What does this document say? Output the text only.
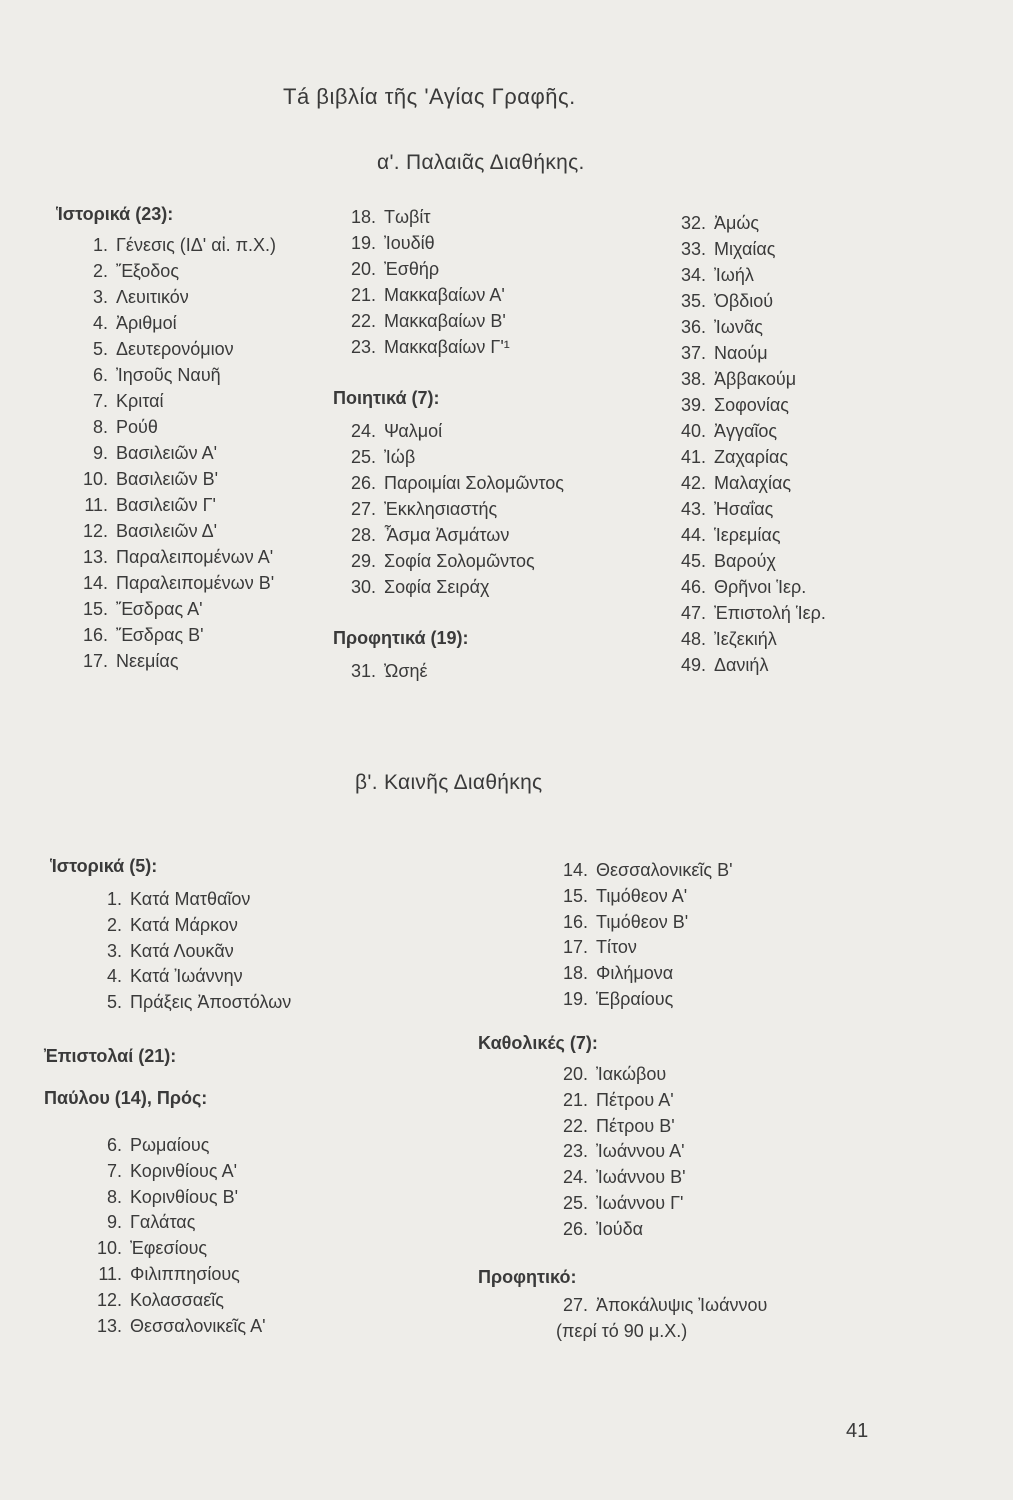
Tá βιβλία τῆς 'Αγίας Γραφῆς.
α'. Παλαιᾶς Διαθήκης.
Ἱστορικά (23):
1. Γένεσις (ΙΔ' αἰ. π.Χ.)
2. Ἔξοδος
3. Λευιτικόν
4. Ἀριθμοί
5. Δευτερονόμιον
6. Ἰησοῦς Ναυῆ
7. Κριταί
8. Ρούθ
9. Βασιλειῶν Α'
10. Βασιλειῶν Β'
11. Βασιλειῶν Γ'
12. Βασιλειῶν Δ'
13. Παραλειπομένων Α'
14. Παραλειπομένων Β'
15. Ἔσδρας Α'
16. Ἔσδρας Β'
17. Νεεμίας
18. Τωβίτ
19. Ἰουδίθ
20. Ἐσθήρ
21. Μακκαβαίων Α'
22. Μακκαβαίων Β'
23. Μακκαβαίων Γ'¹
Ποιητικά (7):
24. Ψαλμοί
25. Ἰώβ
26. Παροιμίαι Σολομῶντος
27. Ἐκκλησιαστής
28. Ἆσμα Ἀσμάτων
29. Σοφία Σολομῶντος
30. Σοφία Σειράχ
Προφητικά (19):
31. Ὠσηέ
32. Ἀμώς
33. Μιχαίας
34. Ἰωήλ
35. Ὀβδιού
36. Ἰωνᾶς
37. Ναούμ
38. Ἀββακούμ
39. Σοφονίας
40. Ἀγγαῖος
41. Ζαχαρίας
42. Μαλαχίας
43. Ἠσαΐας
44. Ἱερεμίας
45. Βαρούχ
46. Θρῆνοι Ἱερ.
47. Ἐπιστολή Ἱερ.
48. Ἰεζεκιήλ
49. Δανιήλ
β'. Καινῆς Διαθήκης
Ἱστορικά (5):
1. Κατά Ματθαῖον
2. Κατά Μάρκον
3. Κατά Λουκᾶν
4. Κατά Ἰωάννην
5. Πράξεις Ἀποστόλων
Ἐπιστολαί (21):
Παύλου (14), Πρός:
6. Ρωμαίους
7. Κορινθίους Α'
8. Κορινθίους Β'
9. Γαλάτας
10. Ἐφεσίους
11. Φιλιππησίους
12. Κολασσαεῖς
13. Θεσσαλονικεῖς Α'
14. Θεσσαλονικεῖς Β'
15. Τιμόθεον Α'
16. Τιμόθεον Β'
17. Τίτον
18. Φιλήμονα
19. Ἑβραίους
Καθολικές (7):
20. Ἰακώβου
21. Πέτρου Α'
22. Πέτρου Β'
23. Ἰωάννου Α'
24. Ἰωάννου Β'
25. Ἰωάννου Γ'
26. Ἰούδα
Προφητικό:
27. Ἀποκάλυψις Ἰωάννου
(περί τό 90 μ.Χ.)
41
